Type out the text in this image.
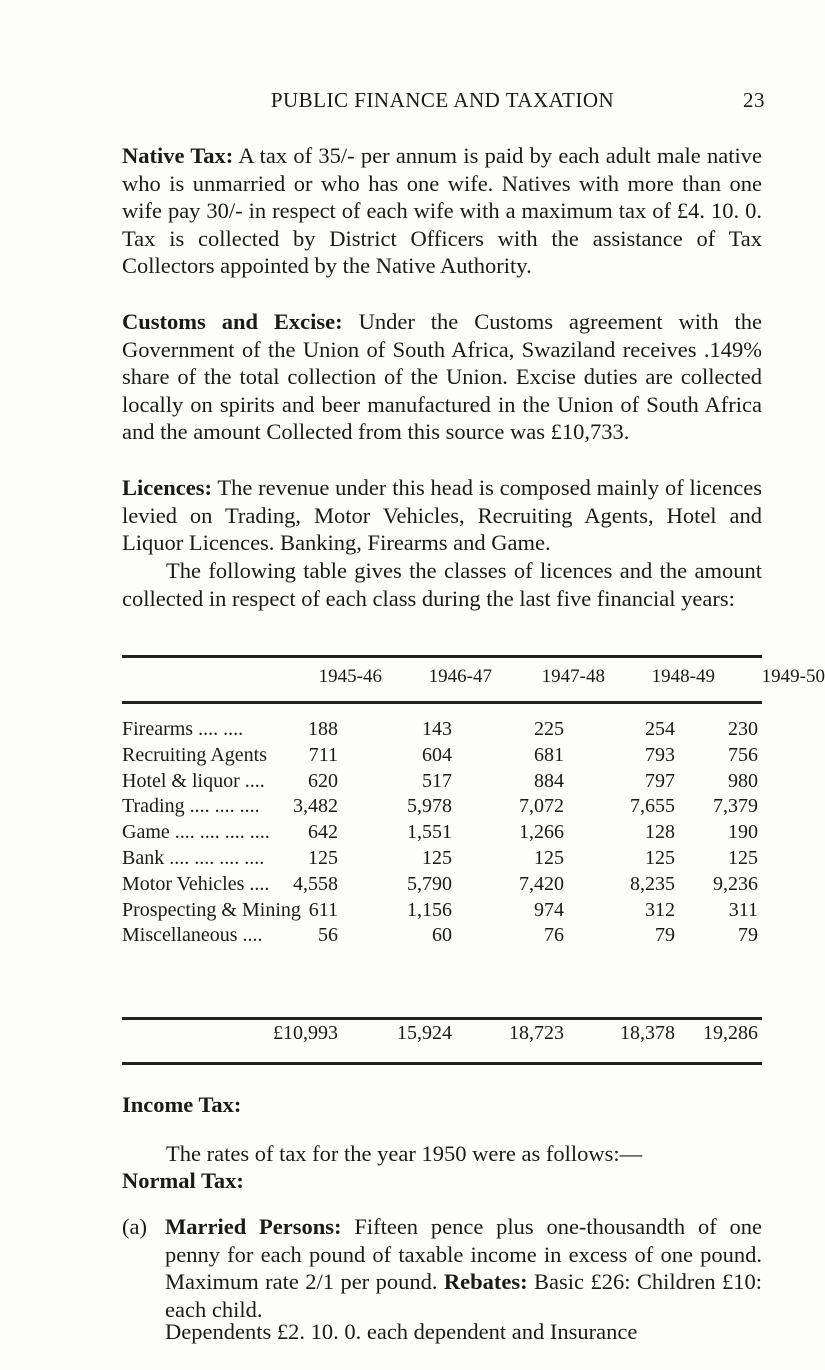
PUBLIC FINANCE AND TAXATION	23
Native Tax: A tax of 35/- per annum is paid by each adult male native who is unmarried or who has one wife. Natives with more than one wife pay 30/- in respect of each wife with a maximum tax of £4. 10. 0. Tax is collected by District Officers with the assistance of Tax Collectors appointed by the Native Authority.
Customs and Excise: Under the Customs agreement with the Government of the Union of South Africa, Swaziland receives .149% share of the total collection of the Union. Excise duties are collected locally on spirits and beer manufactured in the Union of South Africa and the amount Collected from this source was £10,733.
Licences: The revenue under this head is composed mainly of licences levied on Trading, Motor Vehicles, Recruiting Agents, Hotel and Liquor Licences. Banking, Firearms and Game.
The following table gives the classes of licences and the amount collected in respect of each class during the last five financial years:
1945-46	1946-47	1947-48	1948-49	1949-50
Firearms .... ....	188	143	225	254	230
Recruiting Agents	711	604	681	793	756
Hotel & liquor ....	620	517	884	797	980
Trading .... .... ....	3,482	5,978	7,072	7,655	7,379
Game .... .... .... ....	642	1,551	1,266	128	190
Bank .... .... .... ....	125	125	125	125	125
Motor Vehicles ....	4,558	5,790	7,420	8,235	9,236
Prospecting & Mining 611	1,156	974	312	311
Miscellaneous ....	56	60	76	79	79
£10,993	15,924	18,723	18,378	19,286
Income Tax:
The rates of tax for the year 1950 were as follows:—
Normal Tax:
(a) Married Persons: Fifteen pence plus one-thousandth of one penny for each pound of taxable income in excess of one pound. Maximum rate 2/1 per pound. Rebates: Basic £26: Children £10: each child.
Dependents £2. 10. 0. each dependent and Insurance
